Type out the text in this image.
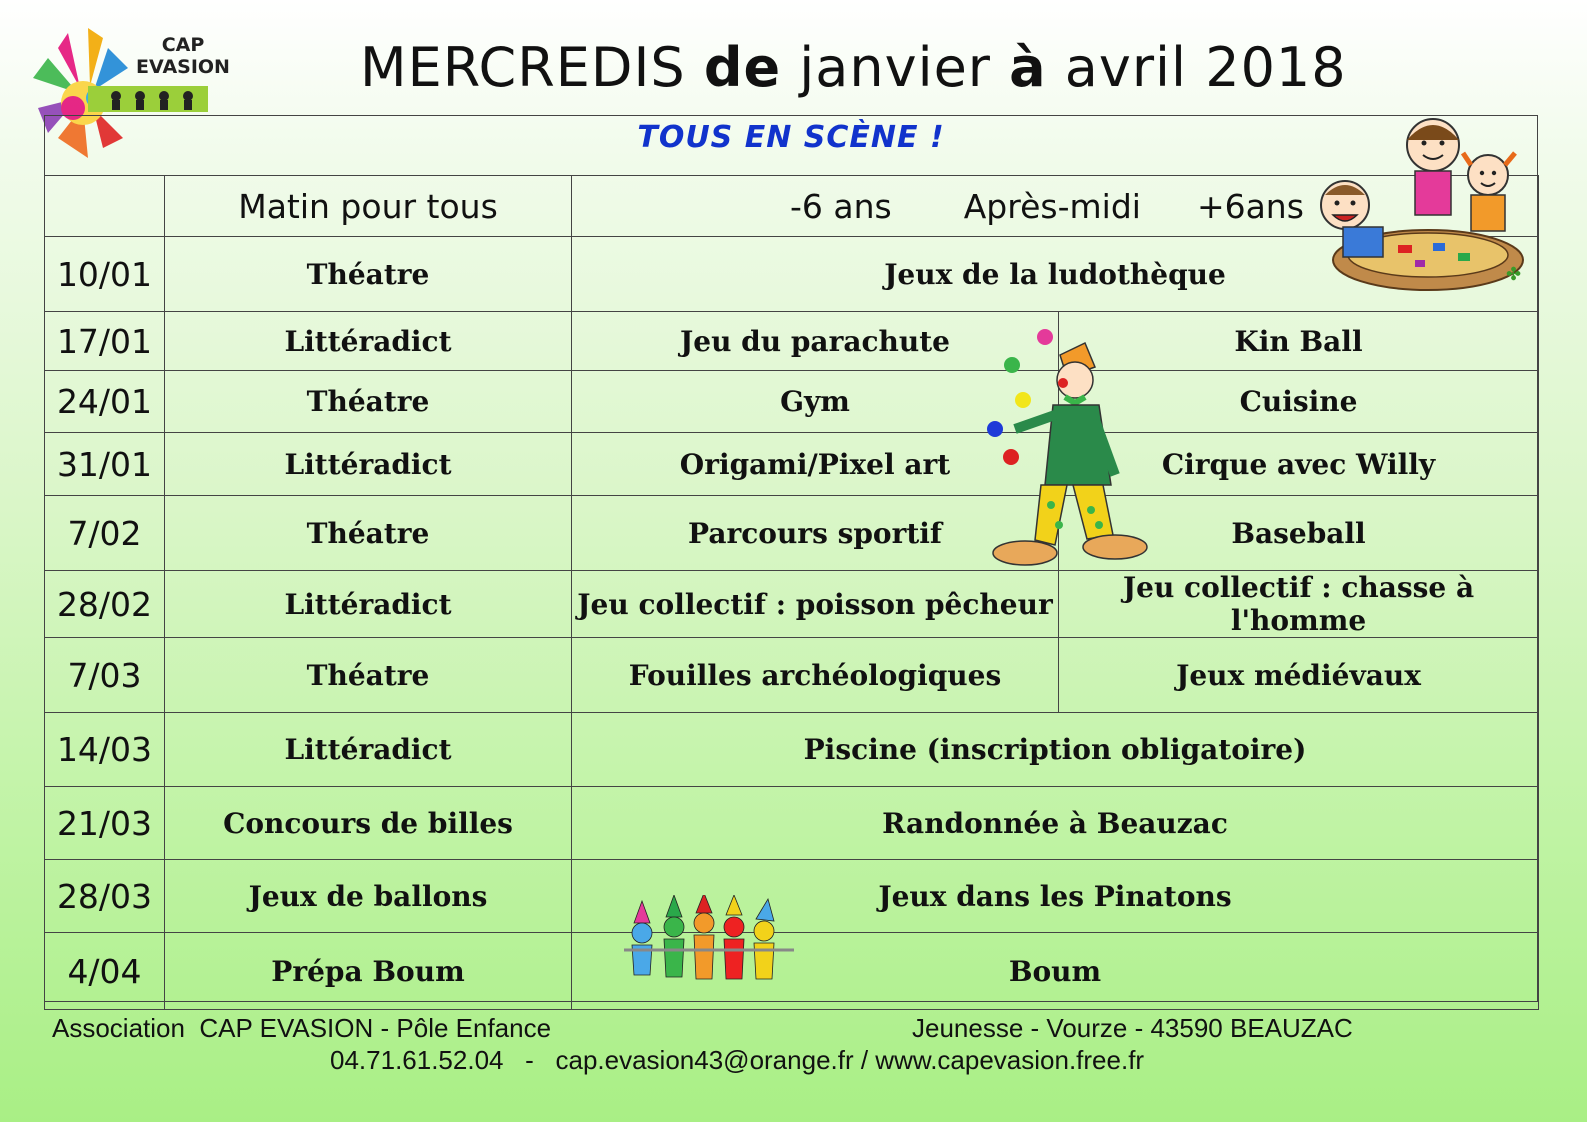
MERCREDIS de janvier à avril 2018
CAP
EVASION
TOUS EN SCÈNE !
	Matin pour tous	-6 ans Après-midi +6ans	

10/01	Théatre	Jeux de la ludothèque	
17/01	Littéradict	Jeu du parachute	Kin Ball
24/01	Théatre	Gym	Cuisine
31/01	Littéradict	Origami/Pixel art	Cirque avec Willy
7/02	Théatre	Parcours sportif	Baseball
28/02	Littéradict	Jeu collectif : poisson pêcheur	Jeu collectif : chasse à l'homme
7/03	Théatre	Fouilles archéologiques	Jeux médiévaux
14/03	Littéradict	Piscine (inscription obligatoire)	
21/03	Concours de billes	Randonnée à Beauzac	
28/03	Jeux de ballons	Jeux dans les Pinatons	
4/04	Prépa Boum	Boum	
✤
Association  CAP EVASION - Pôle Enfance	Jeunesse - Vourze - 43590 BEAUZAC
04.71.61.52.04   -   cap.evasion43@orange.fr / www.capevasion.free.fr
